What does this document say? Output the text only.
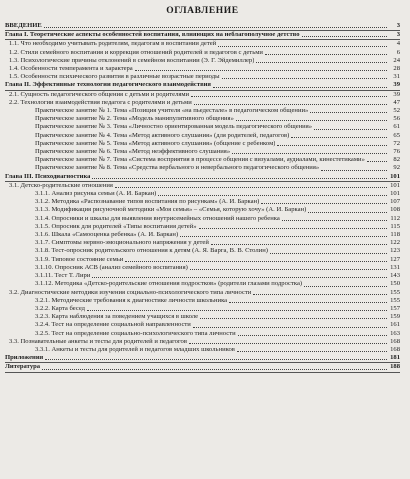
ОГЛАВЛЕНИЕ
ВВЕДЕНИЕ	3
Глава I. Теоретические аспекты особенностей воспитания, влияющих на неблагополучное детство	3
1.1. Что необходимо учитывать родителям, педагогам в воспитании детей	4
1.2. Стили семейного воспитания и коррекция отношений родителей и педагогов с детьми	6
1.3. Психологические причины отклонений в семейном воспитании (Э. Г. Эйдемиллер)	24
1.4. Особенности темперамента и характера	28
1.5. Особенности психического развития в различные возрастные периоды	31
Глава II. Эффективные технологии педагогического взаимодействия	39
2.1. Сущность педагогического общения с детьми и родителями	39
2.2. Технологии взаимодействия педагога с родителями и детьми	47
Практическое занятие № 1. Тема «Позиция учителя «на пьедестале» в педагогическом общении»	52
Практическое занятие № 2. Тема «Модель манипулятивного общения»	56
Практическое занятие № 3. Тема «Личностно ориентированная модель педагогического общения»	61
Практическое занятие № 4. Тема «Метод активного слушания» (для родителей, педагогов)	65
Практическое занятие № 5. Тема «Метод активного слушания» (общение с ребенком)	72
Практическое занятие № 6. Тема «Метод неэффективного слушания»	76
Практическое занятие № 7. Тема «Система восприятия в процессе общения с визуалами, аудиалами, кинестетиками»	82
Практическое занятие № 8. Тема «Средства вербального и невербального педагогического общения»	92
Глава III. Психодиагностика	101
3.1. Детско-родительские отношения	101
3.1.1. Анализ рисунка семьи (А. И. Баркан)	101
3.1.2. Методика «Распознавание типов воспитания по рисункам» (А. И. Баркан)	107
3.1.3. Модификация рисуночной методики «Моя семья» – «Семья, которую хочу» (А. И. Баркан)	108
3.1.4. Опросники и шкалы для выявления внутрисемейных отношений нашего ребенка	112
3.1.5. Опросник для родителей «Типы воспитания детей»	115
3.1.6. Шкала «Самооценка ребенка» (А. И. Баркан)	118
3.1.7. Симптомы нервно-эмоционального напряжения у детей	122
3.1.8. Тест-опросник родительского отношения к детям (А. Я. Варга, В. В. Столин)	123
3.1.9. Типовое состояние семьи	127
3.1.10. Опросник АСВ (анализ семейного воспитания)	131
3.1.11. Тест Т. Лири	143
3.1.12. Методика «Детско-родительские отношения подростков» (родители глазами подростка)	150
3.2. Диагностические методики изучения социально-психологического типа личности	155
3.2.1. Методические требования к диагностике личности школьника	155
3.2.2. Карта бесед	157
3.2.3. Карта наблюдения за поведением учащихся в школе	159
3.2.4. Тест на определение социальной направленности	161
3.2.5. Тест на определение социально-психологического типа личности	163
3.3. Познавательные анкеты и тесты для родителей и педагогов	168
3.3.1. Анкеты и тесты для родителей и педагогов младших школьников	168
Приложения	181
Литература	188
